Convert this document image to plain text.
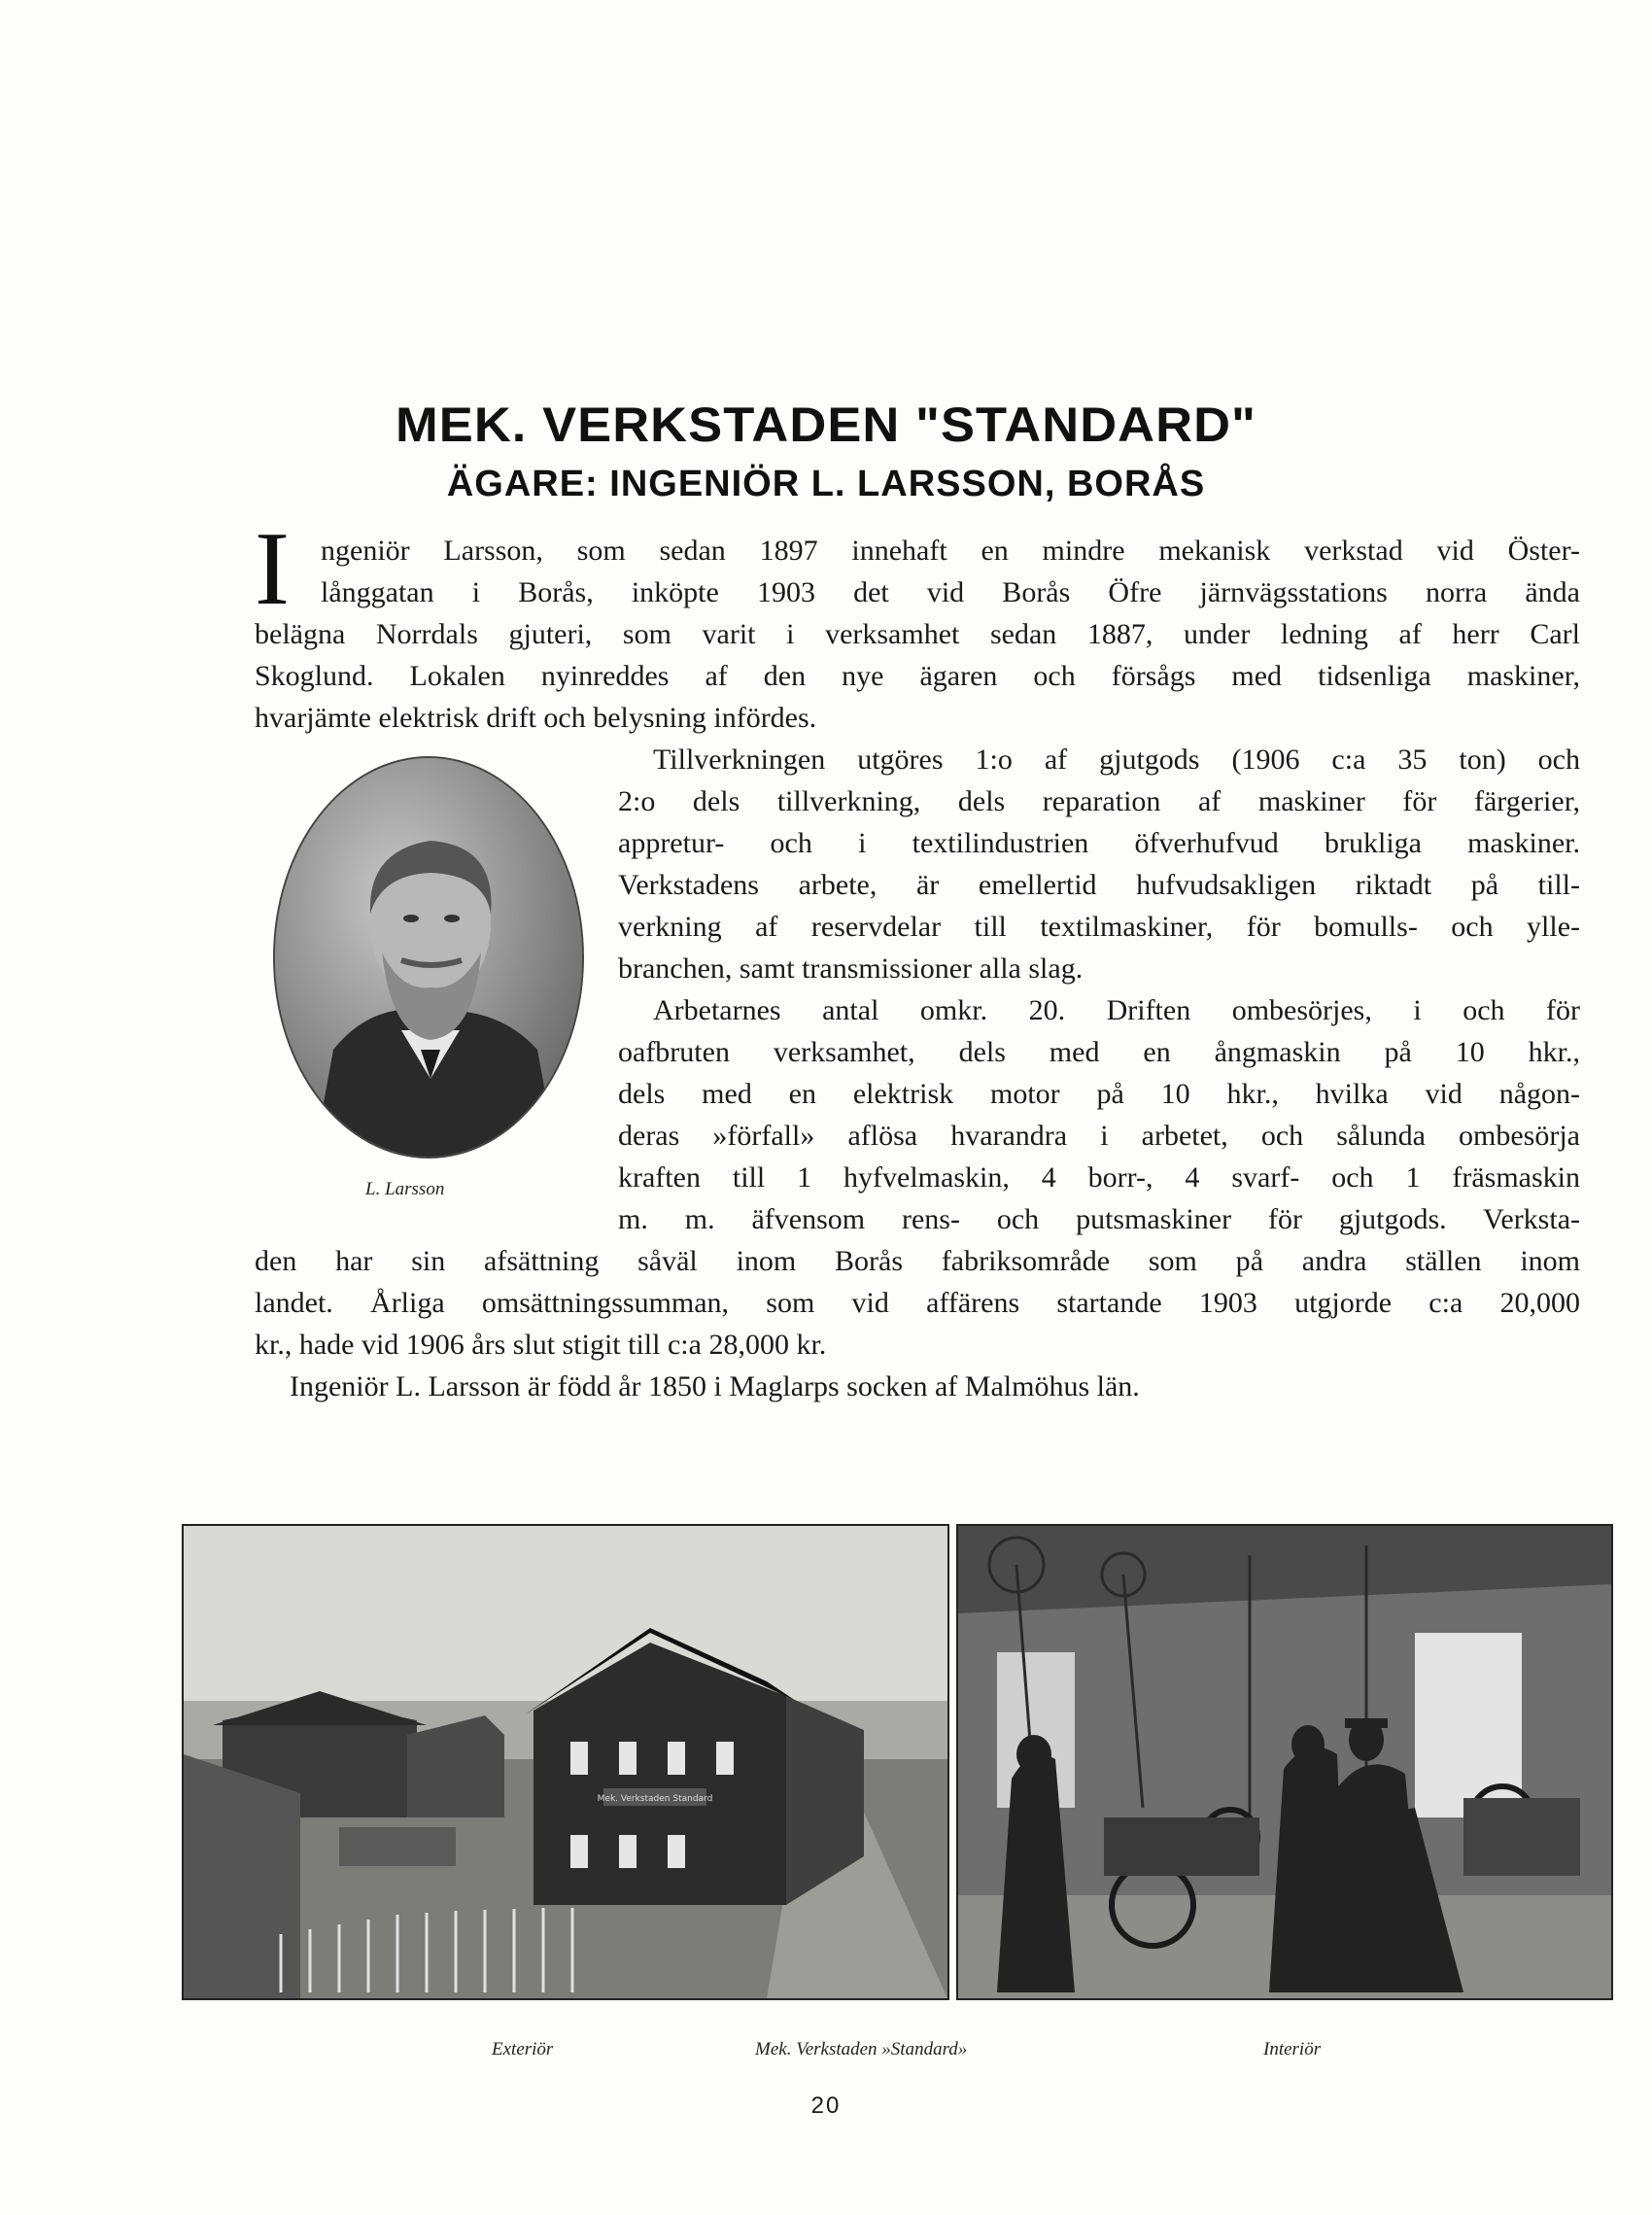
MEK. VERKSTADEN "STANDARD"
ÄGARE: INGENIÖR L. LARSSON, BORÅS
I ngeniör Larsson, som sedan 1897 innehaft en mindre mekanisk verkstad vid Öster-
långgatan i Borås, inköpte 1903 det vid Borås Öfre järnvägsstations norra ända
belägna Norrdals gjuteri, som varit i verksamhet sedan 1887, under ledning af herr Carl
Skoglund. Lokalen nyinreddes af den nye ägaren och försågs med tidsenliga maskiner,
hvarjämte elektrisk drift och belysning infördes.
Tillverkningen utgöres 1:o af gjutgods (1906 c:a 35 ton) och
2:o dels tillverkning, dels reparation af maskiner för färgerier,
appretur- och i textilindustrien öfverhufvud brukliga maskiner.
Verkstadens arbete, är emellertid hufvudsakligen riktadt på till-
verkning af reservdelar till textilmaskiner, för bomulls- och ylle-
branchen, samt transmissioner alla slag.
Arbetarnes antal omkr. 20. Driften ombesörjes, i och för
oafbruten verksamhet, dels med en ångmaskin på 10 hkr.,
dels med en elektrisk motor på 10 hkr., hvilka vid någon-
deras »förfall» aflösa hvarandra i arbetet, och sålunda ombesörja
kraften till 1 hyfvelmaskin, 4 borr-, 4 svarf- och 1 fräsmaskin
m. m. äfvensom rens- och putsmaskiner för gjutgods. Verksta-
den har sin afsättning såväl inom Borås fabriksområde som på andra ställen inom
landet. Årliga omsättningssumman, som vid affärens startande 1903 utgjorde c:a 20,000
kr., hade vid 1906 års slut stigit till c:a 28,000 kr.
Ingeniör L. Larsson är född år 1850 i Maglarps socken af Malmöhus län.
L. Larsson
Mek. Verkstaden Standard
Exteriör	Mek. Verkstaden »Standard»	Interiör
20
